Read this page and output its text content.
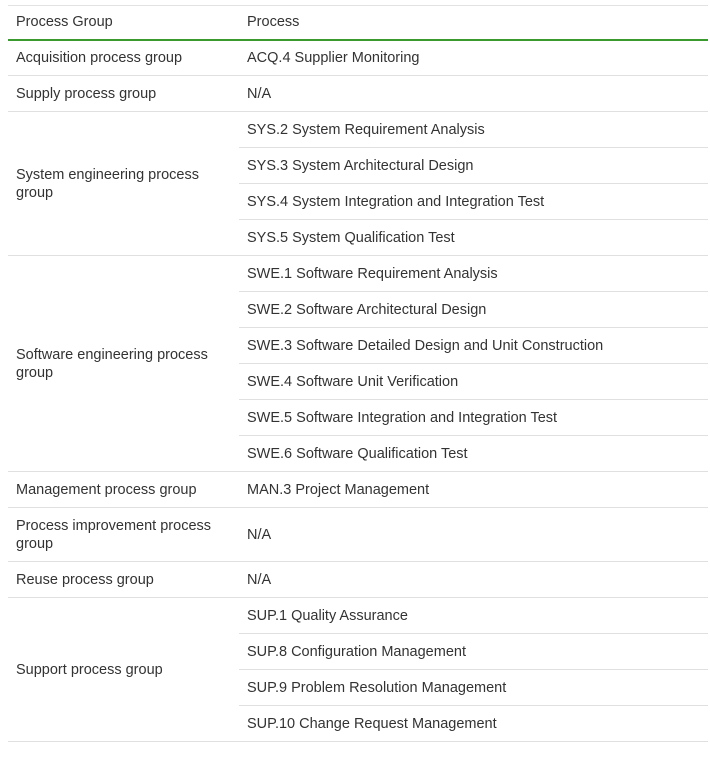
Process Group	Process
Acquisition process group	ACQ.4 Supplier Monitoring
Supply process group	N/A
System engineering process group	SYS.2 System Requirement Analysis
	SYS.3 System Architectural Design
	SYS.4 System Integration and Integration Test
	SYS.5 System Qualification Test
Software engineering process group	SWE.1 Software Requirement Analysis
	SWE.2 Software Architectural Design
	SWE.3 Software Detailed Design and Unit Construction
	SWE.4 Software Unit Verification
	SWE.5 Software Integration and Integration Test
	SWE.6 Software Qualification Test
Management process group	MAN.3 Project Management
Process improvement process group	N/A
Reuse process group	N/A
Support process group	SUP.1 Quality Assurance
	SUP.8 Configuration Management
	SUP.9 Problem Resolution Management
	SUP.10 Change Request Management
